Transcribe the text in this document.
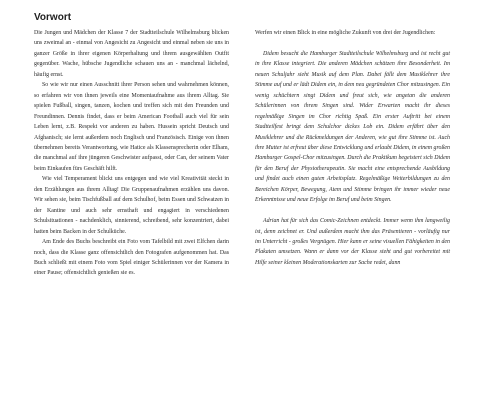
Vorwort

Die Jungen und Mädchen der Klasse 7 der Stadtteilschule Wilhelmsburg blicken uns zweimal an - einmal von Angesicht zu Angesicht und einmal neben sie uns in ganzer Größe in ihrer eigenen Körperhaltung und ihrem ausgewählten Outfit gegenüber. Wache, hübsche Jugendliche schauen uns an - manchmal lächelnd, häufig ernst.

So wie wir nur einen Ausschnitt ihrer Person sehen und wahrnehmen können, so erfahren wir von ihnen jeweils eine Momentaufnahme aus ihrem Alltag. Sie spielen Fußball, singen, tanzen, kochen und treffen sich mit den Freunden und Freundinnen. Dennis findet, dass er beim American Football auch viel für sein Leben lernt, z.B. Respekt vor anderen zu haben. Hussein spricht Deutsch und Afghanisch; sie lernt außerdem noch Englisch und Französisch. Einige von ihnen übernehmen bereits Verantwortung, wie Hatice als Klassensprecherin oder Elham, die manchmal auf ihre jüngeren Geschwister aufpasst, oder Can, der seinem Vater beim Einkaufen fürs Geschäft hilft.

Wie viel Temperament blickt uns entgegen und wie viel Kreativität steckt in den Erzählungen aus ihrem Alltag! Die Gruppenaufnahmen erzählen uns davon. Wir sehen sie, beim Tischfußball auf dem Schulhof, beim Essen und Schwatzen in der Kantine und auch sehr ernsthaft und engagiert in verschiedenen Schulsituationen - nachdenklich, sinnierend, schreibend, sehr konzentriert, dabei hatten beim Backen in der Schulküche.

Am Ende des Buchs beschreibt ein Foto vom Tafelbild mit zwei Elfchen darin noch, dass die Klasse ganz offensichtlich den Fotografen aufgenommen hat. Das Buch schließt mit einem Foto vom Spiel einiger Schülerinnen vor der Kamera in einer Pause; offensichtlich genießen sie es.

Werfen wir einen Blick in eine mögliche Zukunft von drei der Jugendlichen:

Didem besucht die Hamburger Stadtteilschule Wilhelmsburg und ist recht gut in ihre Klasse integriert. Die anderen Mädchen schätzen ihre Besonderheit. Im neuen Schuljahr sieht Musik auf dem Plan. Dabei fällt dem Musiklehrer ihre Stimme auf und er lädt Didem ein, in dem neu gegründeten Chor mitzusingen. Ein wenig schüchtern singt Didem und freut sich, wie angetan die anderen Schülerinnen von ihrem Singen sind. Wider Erwarten macht ihr dieses regelmäßige Singen im Chor richtig Spaß. Ein erster Auftritt bei einem Stadtteilfest bringt dem Schulchor dickes Lob ein. Didem erfährt über den Musiklehrer und die Rückmeldungen der Anderen, wie gut ihre Stimme ist. Auch ihre Mutter ist erfreut über diese Entwicklung und erlaubt Didem, in einem großen Hamburger Gospel-Chor mitzusingen. Durch die Praktikum begeistert sich Didem für den Beruf der Physiotherapeutin. Sie macht eine entsprechende Ausbildung und findet auch einen guten Arbeitsplatz. Regelmäßige Weiterbildungen zu den Bereichen Körper, Bewegung, Atem und Stimme bringen ihr immer wieder neue Erkenntnisse und neue Erfolge im Beruf und beim Singen.

Adrian hat für sich das Comic-Zeichnen entdeckt. Immer wenn ihm langweilig ist, denn zeichnet er. Und außerdem macht ihm das Präsentieren - vorläufig nur im Unterricht - großes Vergnügen. Hier kann er seine visuellen Fähigkeiten in den Plakaten umsetzen. Wann er dann vor der Klasse steht und gut vorbereitet mit Hilfe seiner kleinen Moderationskarten zur Sache redet, dann
